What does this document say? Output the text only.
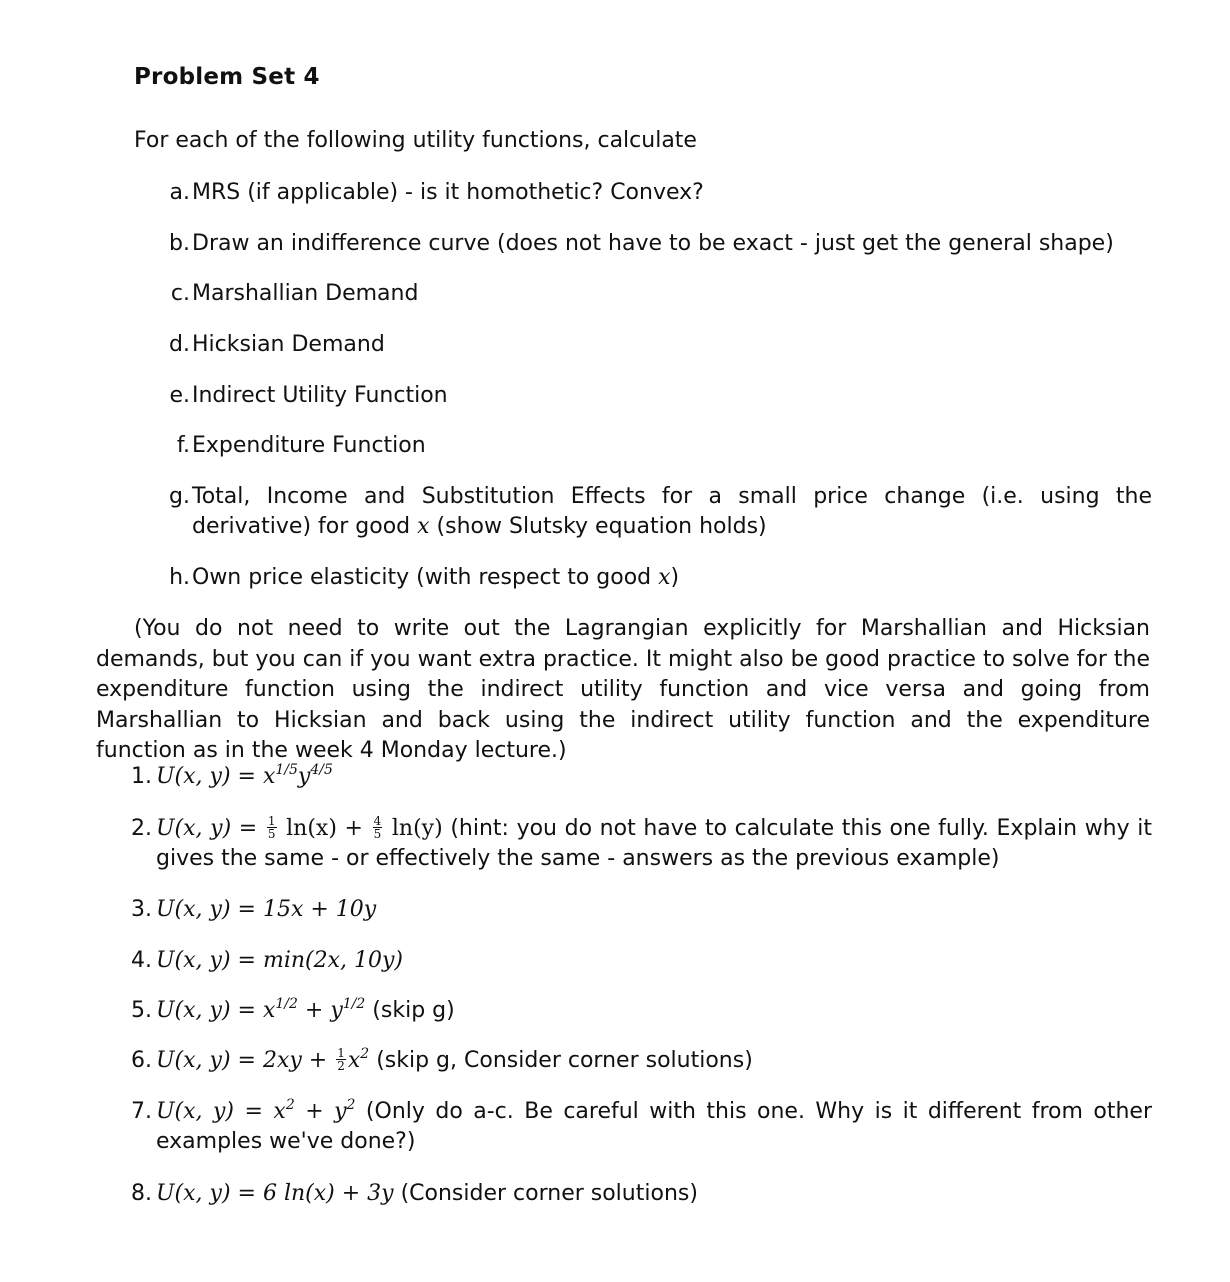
Problem Set 4
For each of the following utility functions, calculate
a. MRS (if applicable) - is it homothetic? Convex?
b. Draw an indifference curve (does not have to be exact - just get the general shape)
c. Marshallian Demand
d. Hicksian Demand
e. Indirect Utility Function
f. Expenditure Function
g. Total, Income and Substitution Effects for a small price change (i.e. using the derivative) for good x (show Slutsky equation holds)
h. Own price elasticity (with respect to good x)
(You do not need to write out the Lagrangian explicitly for Marshallian and Hicksian demands, but you can if you want extra practice. It might also be good practice to solve for the expenditure function using the indirect utility function and vice versa and going from Marshallian to Hicksian and back using the indirect utility function and the expenditure function as in the week 4 Monday lecture.)
1. U(x, $y) = x^{1/5}y^{4/5}$
2. U(x, $y) = \frac{1}{5} \ln(x) + \frac{4}{5} \ln(y)$ (hint: you do not have to calculate this one fully. Explain why it gives the same - or effectively the same - answers as the previous example)
3. U(x, y) = 15x + 10y
4. U(x, y) = min(2x, 10y)
5. U(x, $y) = x^{1/2} + y^{1/2}$ (skip g)
6. U(x, $y) = 2xy + \frac{1}{2} x^2$ (skip g, Consider corner solutions)
7. U(x, $y) = x^2 + y^2$ (Only do a-c. Be careful with this one. Why is it different from other examples we've done?)
8. U(x, y) = 6 ln(x) + 3y (Consider corner solutions)
